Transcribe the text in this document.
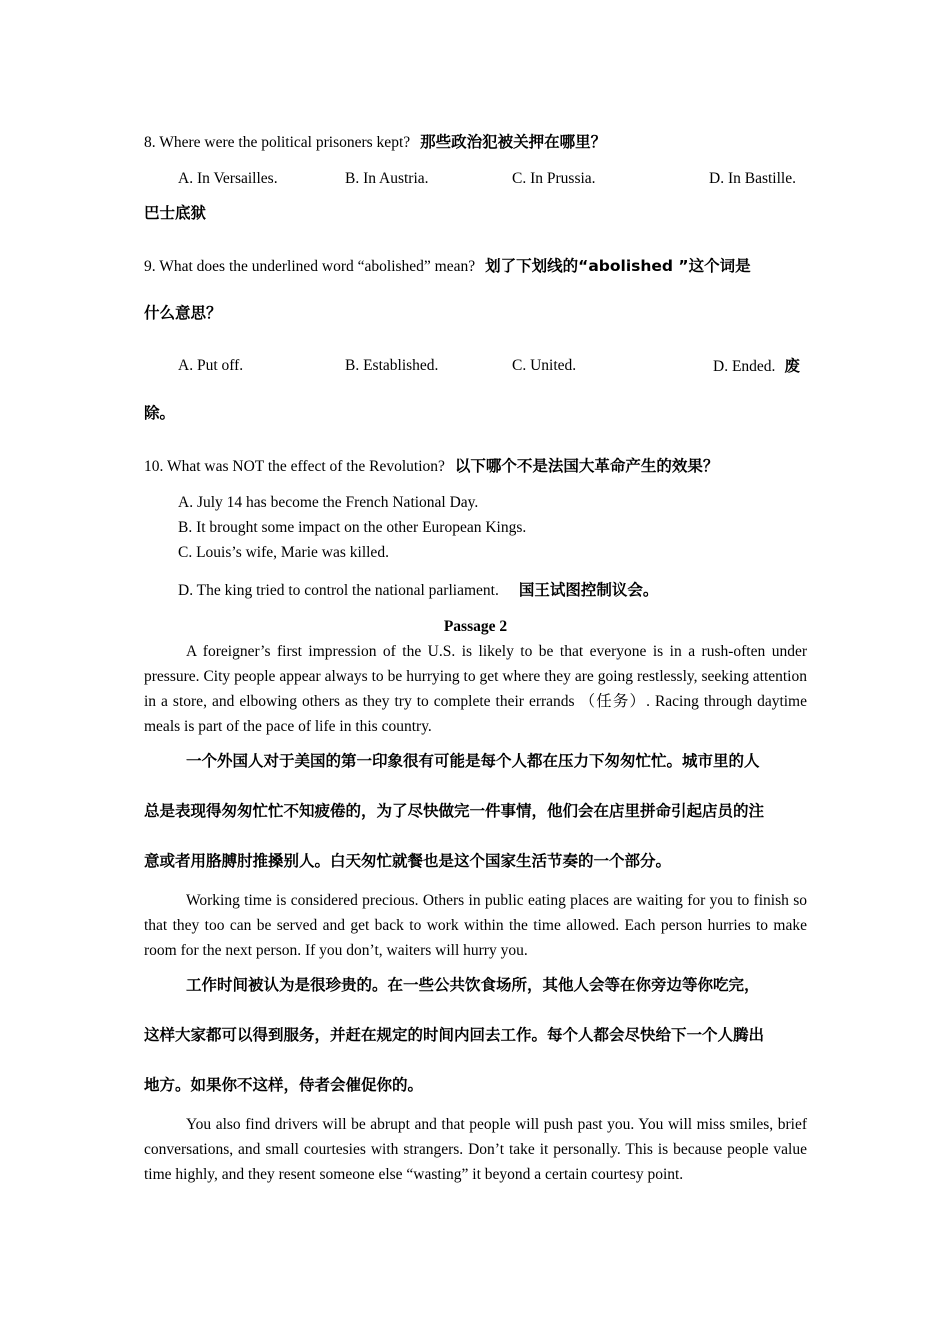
8. Where were the political prisoners kept? 那些政治犯被关押在哪里？
A. In Versailles.	B. In Austria.	C. In Prussia.	D. In Bastille.
巴士底狱
9. What does the underlined word “abolished” mean? 划了下划线的“abolished ”这个词是
什么意思？
A. Put off.	B. Established.	C. United.	D. Ended. 废
除。
10. What was NOT the effect of the Revolution? 以下哪个不是法国大革命产生的效果？
A. July 14 has become the French National Day.
B. It brought some impact on the other European Kings.
C. Louis’s wife, Marie was killed.
D. The king tried to control the national parliament. 国王试图控制议会。
Passage 2
A foreigner’s first impression of the U.S. is likely to be that everyone is in a rush-often under pressure. City people appear always to be hurrying to get where they are going restlessly, seeking attention in a store, and elbowing others as they try to complete their errands （任务）. Racing through daytime meals is part of the pace of life in this country.
一个外国人对于美国的第一印象很有可能是每个人都在压力下匆匆忙忙。城市里的人
总是表现得匆匆忙忙不知疲倦的，为了尽快做完一件事情，他们会在店里拼命引起店员的注
意或者用胳膊肘推搡别人。白天匆忙就餐也是这个国家生活节奏的一个部分。
Working time is considered precious. Others in public eating places are waiting for you to finish so that they too can be served and get back to work within the time allowed. Each person hurries to make room for the next person. If you don’t, waiters will hurry you.
工作时间被认为是很珍贵的。在一些公共饮食场所，其他人会等在你旁边等你吃完，
这样大家都可以得到服务，并赶在规定的时间内回去工作。每个人都会尽快给下一个人腾出
地方。如果你不这样，侍者会催促你的。
You also find drivers will be abrupt and that people will push past you. You will miss smiles, brief conversations, and small courtesies with strangers. Don’t take it personally. This is because people value time highly, and they resent someone else “wasting” it beyond a certain courtesy point.
